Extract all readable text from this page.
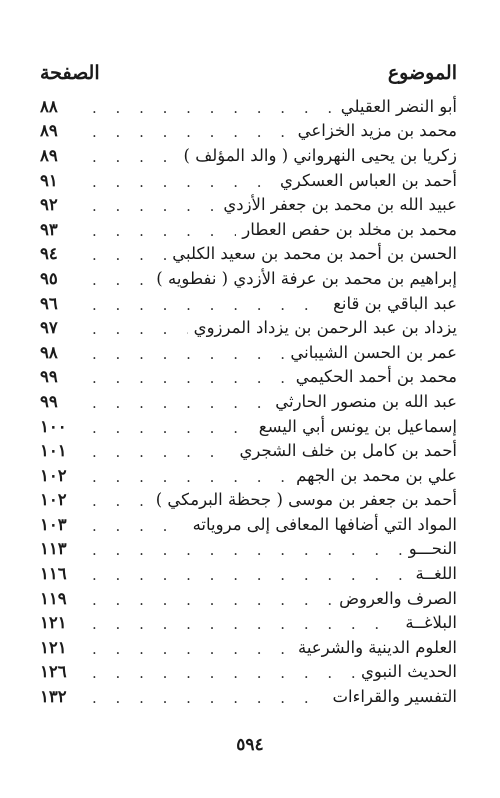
الموضوع
الصفحة
أبو النضر العقيلي
. . .
٨٨
محمد بن مزيد الخزاعي
. . .
٨٩
زكريا بن يحيى النهرواني ( والد المؤلف )
. . .
٨٩
أحمد بن العباس العسكري
. . .
٩١
عبيد الله بن محمد بن جعفر الأزدي
. . .
٩٢
محمد بن مخلد بن حفص العطار
. . .
٩٣
الحسن بن أحمد بن محمد بن سعيد الكلبي
. . .
٩٤
إبراهيم بن محمد بن عرفة الأزدي ( نفطويه )
. . .
٩٥
عبد الباقي بن قانع
. . .
٩٦
يزداد بن عبد الرحمن بن يزداد المرزوي
. . .
٩٧
عمر بن الحسن الشيباني
. . .
٩٨
محمد بن أحمد الحكيمي
. . .
٩٩
عبد الله بن منصور الحارثي
. . .
٩٩
إسماعيل بن يونس أبي اليسع
. . .
١٠٠
أحمد بن كامل بن خلف الشجري
. . .
١٠١
علي بن محمد بن الجهم
. . .
١٠٢
أحمد بن جعفر بن موسى ( جحظة البرمكي )
. . .
١٠٢
المواد التي أضافها المعافى إلى مروياته
. . .
١٠٣
النحـــو
. . .
١١٣
اللغــة
. . .
١١٦
الصرف والعروض
. . .
١١٩
البلاغــة
. . .
١٢١
العلوم الدينية والشرعية
. . .
١٢١
الحديث النبوي
. . .
١٢٦
التفسير والقراءات
. . .
١٣٢
٥٩٤
